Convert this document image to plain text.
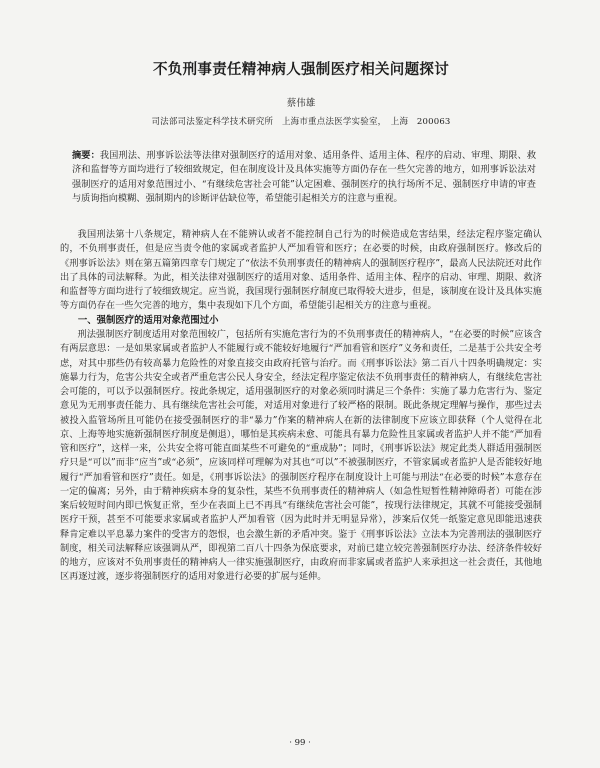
不负刑事责任精神病人强制医疗相关问题探讨
蔡伟雄
司法部司法鉴定科学技术研究所　上海市重点法医学实验室，　上海　200063
摘要：我国刑法、刑事诉讼法等法律对强制医疗的适用对象、适用条件、适用主体、程序的启动、审理、期限、救济和监督等方面均进行了较细致规定，但在制度设计及具体实施等方面仍存在一些欠完善的地方，如刑事诉讼法对强制医疗的适用对象范围过小、“有继续危害社会可能”认定困难、强制医疗的执行场所不足、强制医疗申请的审查与质询指向模糊、强制期内的诊断评估缺位等，希望能引起相关方的注意与重视。

我国刑法第十八条规定，精神病人在不能辨认或者不能控制自己行为的时候造成危害结果，经法定程序鉴定确认的，不负刑事责任，但是应当责令他的家属或者监护人严加看管和医疗；在必要的时候，由政府强制医疗。修改后的《刑事诉讼法》则在第五篇第四章专门规定了“依法不负刑事责任的精神病人的强制医疗程序”，最高人民法院还对此作出了具体的司法解释。为此，相关法律对强制医疗的适用对象、适用条件、适用主体、程序的启动、审理、期限、救济和监督等方面均进行了较细致规定。应当说，我国现行强制医疗制度已取得较大进步，但是，该制度在设计及具体实施等方面仍存在一些欠完善的地方，集中表现如下几个方面，希望能引起相关方的注意与重视。

一、强制医疗的适用对象范围过小

刑法强制医疗制度适用对象范围较广，包括所有实施危害行为的不负刑事责任的精神病人，“在必要的时候”应该含有两层意思：一是如果家属或者监护人不能履行或不能较好地履行“严加看管和医疗”义务和责任，二是基于公共安全考虑，对其中那些仍有较高暴力危险性的对象直接交由政府托管与治疗。而《刑事诉讼法》第二百八十四条明确规定：实施暴力行为，危害公共安全或者严重危害公民人身安全，经法定程序鉴定依法不负刑事责任的精神病人，有继续危害社会可能的，可以予以强制医疗。按此条规定，适用强制医疗的对象必须同时满足三个条件：实施了暴力危害行为、鉴定意见为无刑事责任能力、具有继续危害社会可能，对适用对象进行了较严格的限制。既此条规定理解与操作，那些过去被投入监管场所且可能仍在接受强制医疗的非“暴力”作案的精神病人在新的法律制度下应该立即获释（个人觉得在北京、上海等地实施新强制医疗制度是侧退），哪怕是其疾病未愈、可能具有暴力危险性且家属或者监护人并不能“严加看管和医疗”，这样一来，公共安全将可能直面某些不可避免的“重成胁”；同时，《刑事诉讼法》规定此类人群适用强制医疗只是“可以”而非“应当”或“必须”，应该同样可理解为对其也“可以”不被强制医疗，不管家属或者监护人是否能较好地履行“严加看管和医疗”责任。如是，《刑事诉讼法》的强制医疗程序在制度设计上可能与刑法“在必要的时候”本意存在一定的偏离；另外，由于精神疾病本身的复杂性，某些不负刑事责任的精神病人（如急性短暂性精神障碍者）可能在涉案后较短时间内即已恢复正常，至少在表面上已不再具“有继续危害社会可能”，按现行法律规定，其就不可能接受强制医疗干预，甚至不可能要求家属或者监护人严加看管（因为此时并无明显异常），涉案后仅凭一纸鉴定意见即能迅速获释肯定难以平息暴力案件的受害方的怨恨，也会激生新的矛盾冲突。鉴于《刑事诉讼法》立法本为完善刑法的强制医疗制度，相关司法解释应该强调从严，即视第二百八十四条为保底要求，对前已建立较完善强制医疗办法、经济条件较好的地方，应该对不负刑事责任的精神病人一律实施强制医疗，由政府而非家属或者监护人来承担这一社会责任，其他地区再逐过渡，逐步将强制医疗的适用对象进行必要的扩展与延伸。

· 99 ·
